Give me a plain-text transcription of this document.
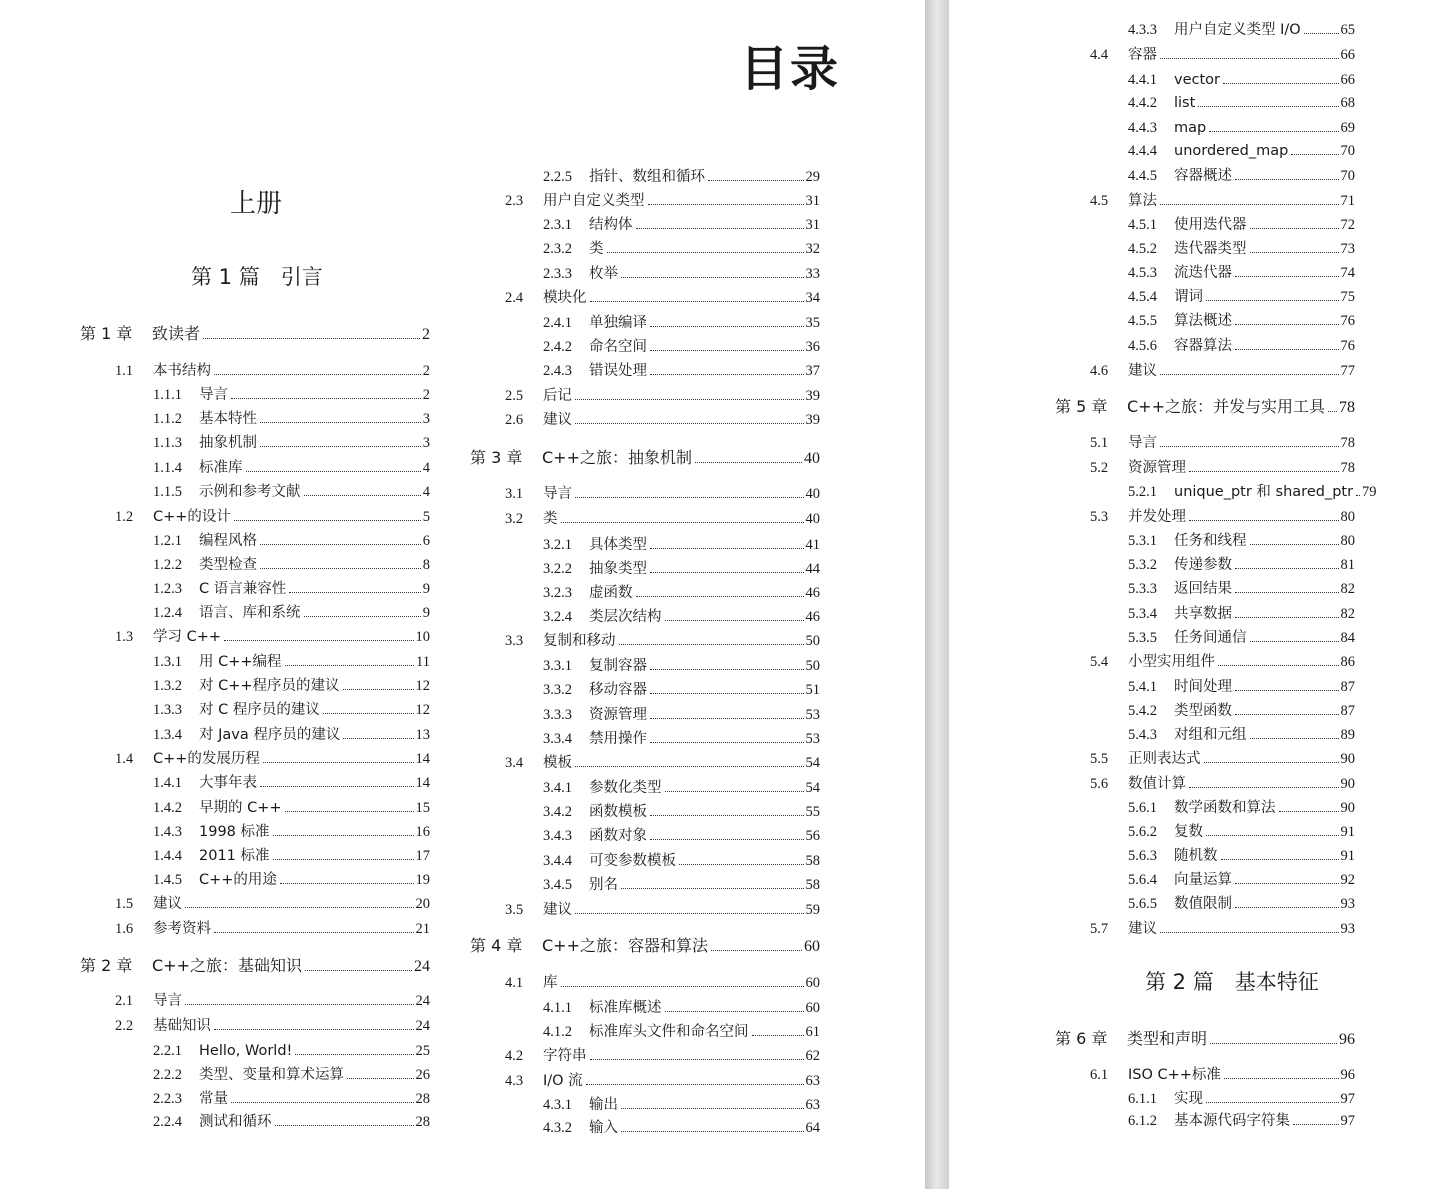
目录
上册
第 1 篇　引言
第 1 章	致读者	2
1.1	本书结构	2
1.1.1	导言	2
1.1.2	基本特性	3
1.1.3	抽象机制	3
1.1.4	标准库	4
1.1.5	示例和参考文献	4
1.2	C++的设计	5
1.2.1	编程风格	6
1.2.2	类型检查	8
1.2.3	C 语言兼容性	9
1.2.4	语言、库和系统	9
1.3	学习 C++	10
1.3.1	用 C++编程	11
1.3.2	对 C++程序员的建议	12
1.3.3	对 C 程序员的建议	12
1.3.4	对 Java 程序员的建议	13
1.4	C++的发展历程	14
1.4.1	大事年表	14
1.4.2	早期的 C++	15
1.4.3	1998 标准	16
1.4.4	2011 标准	17
1.4.5	C++的用途	19
1.5	建议	20
1.6	参考资料	21
第 2 章	C++之旅：基础知识	24
2.1	导言	24
2.2	基础知识	24
2.2.1	Hello, World!	25
2.2.2	类型、变量和算术运算	26
2.2.3	常量	28
2.2.4	测试和循环	28
2.2.5	指针、数组和循环	29
2.3	用户自定义类型	31
2.3.1	结构体	31
2.3.2	类	32
2.3.3	枚举	33
2.4	模块化	34
2.4.1	单独编译	35
2.4.2	命名空间	36
2.4.3	错误处理	37
2.5	后记	39
2.6	建议	39
第 3 章	C++之旅：抽象机制	40
3.1	导言	40
3.2	类	40
3.2.1	具体类型	41
3.2.2	抽象类型	44
3.2.3	虚函数	46
3.2.4	类层次结构	46
3.3	复制和移动	50
3.3.1	复制容器	50
3.3.2	移动容器	51
3.3.3	资源管理	53
3.3.4	禁用操作	53
3.4	模板	54
3.4.1	参数化类型	54
3.4.2	函数模板	55
3.4.3	函数对象	56
3.4.4	可变参数模板	58
3.4.5	别名	58
3.5	建议	59
第 4 章	C++之旅：容器和算法	60
4.1	库	60
4.1.1	标准库概述	60
4.1.2	标准库头文件和命名空间	61
4.2	字符串	62
4.3	I/O 流	63
4.3.1	输出	63
4.3.2	输入	64
第 2 篇　基本特征
4.3.3	用户自定义类型 I/O	65
4.4	容器	66
4.4.1	vector	66
4.4.2	list	68
4.4.3	map	69
4.4.4	unordered_map	70
4.4.5	容器概述	70
4.5	算法	71
4.5.1	使用迭代器	72
4.5.2	迭代器类型	73
4.5.3	流迭代器	74
4.5.4	谓词	75
4.5.5	算法概述	76
4.5.6	容器算法	76
4.6	建议	77
第 5 章	C++之旅：并发与实用工具 78
5.1	导言	78
5.2	资源管理	78
5.2.1	unique_ptr 和 shared_ptr 79
5.3	并发处理	80
5.3.1	任务和线程	80
5.3.2	传递参数	81
5.3.3	返回结果	82
5.3.4	共享数据	82
5.3.5	任务间通信	84
5.4	小型实用组件	86
5.4.1	时间处理	87
5.4.2	类型函数	87
5.4.3	对组和元组	89
5.5	正则表达式	90
5.6	数值计算	90
5.6.1	数学函数和算法	90
5.6.2	复数	91
5.6.3	随机数	91
5.6.4	向量运算	92
5.6.5	数值限制	93
5.7	建议	93
第 6 章	类型和声明	96
6.1	ISO C++标准	96
6.1.1	实现	97
6.1.2	基本源代码字符集	97
